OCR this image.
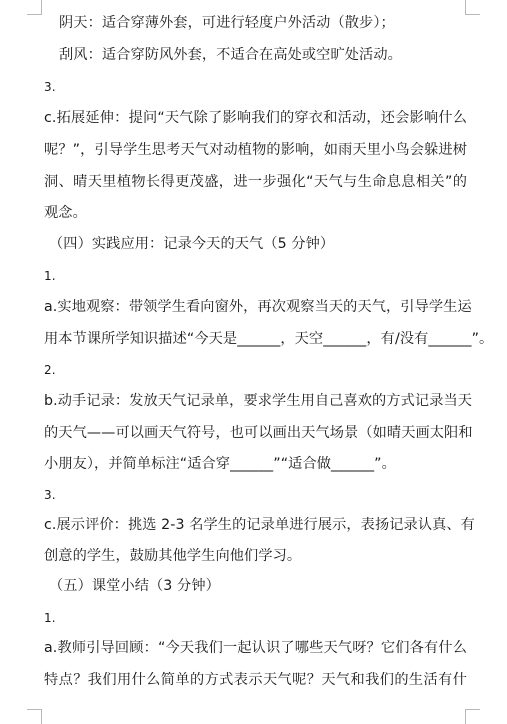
阴天：适合穿薄外套，可进行轻度户外活动（散步）；
刮风：适合穿防风外套，不适合在高处或空旷处活动。
3.
c.拓展延伸：提问“天气除了影响我们的穿衣和活动，还会影响什么
呢？”，引导学生思考天气对动植物的影响，如雨天里小鸟会躲进树
洞、晴天里植物长得更茂盛，进一步强化“天气与生命息息相关”的
观念。
（四）实践应用：记录今天的天气（5 分钟）
1.
a.实地观察：带领学生看向窗外，再次观察当天的天气，引导学生运
用本节课所学知识描述“今天是______，天空______，有/没有______”。
2.
b.动手记录：发放天气记录单，要求学生用自己喜欢的方式记录当天
的天气——可以画天气符号，也可以画出天气场景（如晴天画太阳和
小朋友），并简单标注“适合穿______”“适合做______”。
3.
c.展示评价：挑选 2-3 名学生的记录单进行展示，表扬记录认真、有
创意的学生，鼓励其他学生向他们学习。
（五）课堂小结（3 分钟）
1.
a.教师引导回顾：“今天我们一起认识了哪些天气呀？它们各有什么
特点？我们用什么简单的方式表示天气呢？天气和我们的生活有什
